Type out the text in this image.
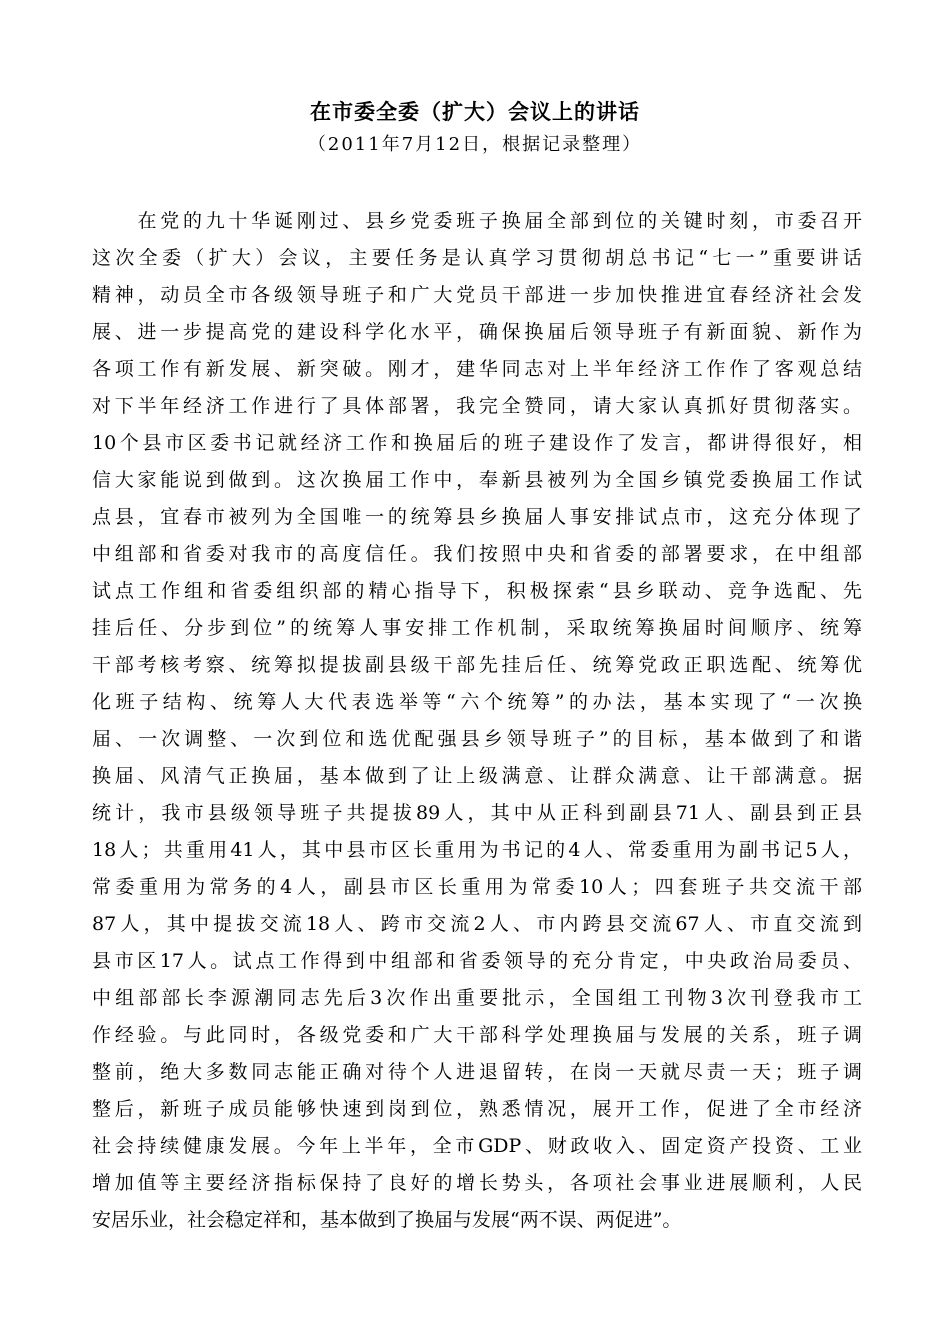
在市委全委（扩大）会议上的讲话
（2011年7月12日，根据记录整理）
　　在党的九十华诞刚过、县乡党委班子换届全部到位的关键时刻，市委召开
这次全委（扩大）会议，主要任务是认真学习贯彻胡总书记“七一”重要讲话
精神，动员全市各级领导班子和广大党员干部进一步加快推进宜春经济社会发
展、进一步提高党的建设科学化水平，确保换届后领导班子有新面貌、新作为
各项工作有新发展、新突破。刚才，建华同志对上半年经济工作作了客观总结
对下半年经济工作进行了具体部署，我完全赞同，请大家认真抓好贯彻落实。
10个县市区委书记就经济工作和换届后的班子建设作了发言，都讲得很好，相
信大家能说到做到。这次换届工作中，奉新县被列为全国乡镇党委换届工作试
点县，宜春市被列为全国唯一的统筹县乡换届人事安排试点市，这充分体现了
中组部和省委对我市的高度信任。我们按照中央和省委的部署要求，在中组部
试点工作组和省委组织部的精心指导下，积极探索“县乡联动、竞争选配、先
挂后任、分步到位”的统筹人事安排工作机制，采取统筹换届时间顺序、统筹
干部考核考察、统筹拟提拔副县级干部先挂后任、统筹党政正职选配、统筹优
化班子结构、统筹人大代表选举等“六个统筹”的办法，基本实现了“一次换
届、一次调整、一次到位和选优配强县乡领导班子”的目标，基本做到了和谐
换届、风清气正换届，基本做到了让上级满意、让群众满意、让干部满意。据
统计，我市县级领导班子共提拔89人，其中从正科到副县71人、副县到正县
18人；共重用41人，其中县市区长重用为书记的4人、常委重用为副书记5人，
常委重用为常务的4人，副县市区长重用为常委10人；四套班子共交流干部
87人，其中提拔交流18人、跨市交流2人、市内跨县交流67人、市直交流到
县市区17人。试点工作得到中组部和省委领导的充分肯定，中央政治局委员、
中组部部长李源潮同志先后3次作出重要批示，全国组工刊物3次刊登我市工
作经验。与此同时，各级党委和广大干部科学处理换届与发展的关系，班子调
整前，绝大多数同志能正确对待个人进退留转，在岗一天就尽责一天；班子调
整后，新班子成员能够快速到岗到位，熟悉情况，展开工作，促进了全市经济
社会持续健康发展。今年上半年，全市GDP、财政收入、固定资产投资、工业
增加值等主要经济指标保持了良好的增长势头，各项社会事业进展顺利，人民
安居乐业，社会稳定祥和，基本做到了换届与发展“两不误、两促进”。
